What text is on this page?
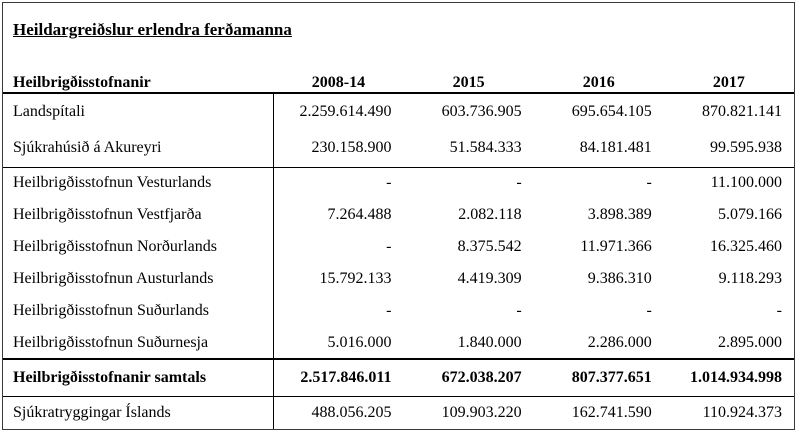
Heildargreiðslur erlendra ferðamanna
Heilbrigðisstofnanir	2008-14	2015	2016	2017
Landspítali	2.259.614.490	603.736.905	695.654.105	870.821.141
Sjúkrahúsið á Akureyri	230.158.900	51.584.333	84.181.481	99.595.938
Heilbrigðisstofnun Vesturlands	-	-	-	11.100.000
Heilbrigðisstofnun Vestfjarða	7.264.488	2.082.118	3.898.389	5.079.166
Heilbrigðisstofnun Norðurlands	-	8.375.542	11.971.366	16.325.460
Heilbrigðisstofnun Austurlands	15.792.133	4.419.309	9.386.310	9.118.293
Heilbrigðisstofnun Suðurlands	-	-	-	-
Heilbrigðisstofnun Suðurnesja	5.016.000	1.840.000	2.286.000	2.895.000
Heilbrigðisstofnanir samtals	2.517.846.011	672.038.207	807.377.651	1.014.934.998
Sjúkratryggingar Íslands	488.056.205	109.903.220	162.741.590	110.924.373
